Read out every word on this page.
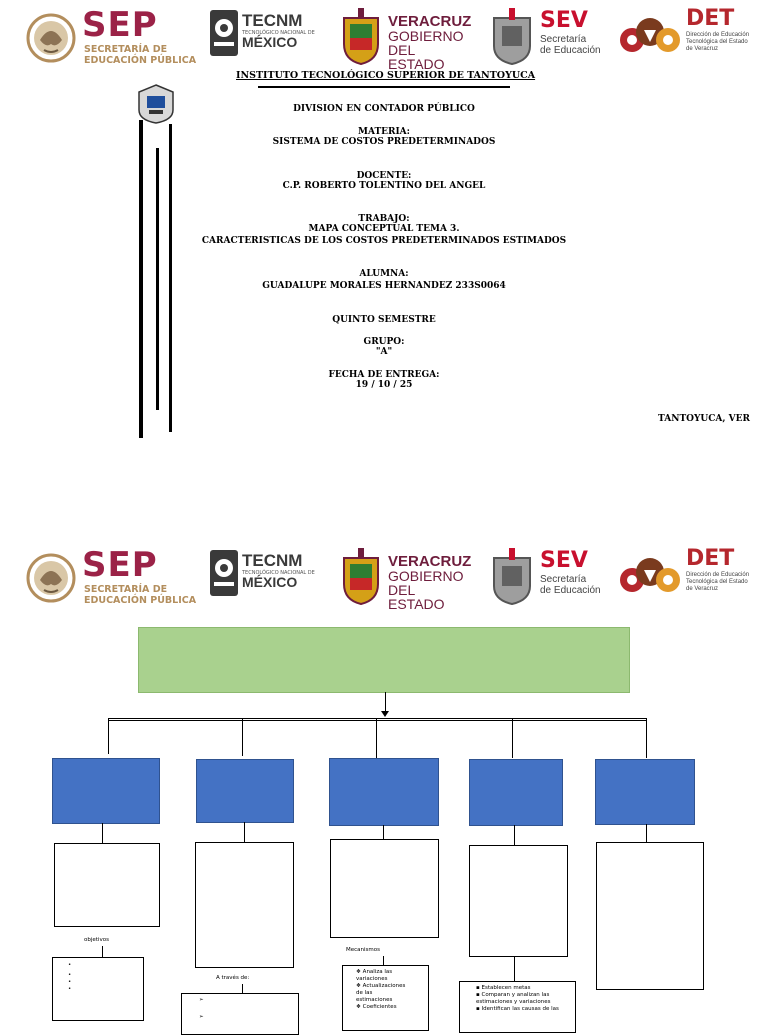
SEP
SECRETARÍA DE
EDUCACIÓN PÚBLICA
TECNM
TECNOLÓGICO NACIONAL DE
MÉXICO
VERACRUZ
GOBIERNO
DEL ESTADO
SEV
Secretaría
de Educación
DET
Dirección de Educación
Tecnológica del Estado
de Veracruz
INSTITUTO TECNOLÓGICO SUPERIOR DE TANTOYUCA
DIVISION EN CONTADOR PÚBLICO
MATERIA:
SISTEMA DE COSTOS PREDETERMINADOS
DOCENTE:
C.P. ROBERTO TOLENTINO DEL ANGEL
TRABAJO:
MAPA CONCEPTUAL TEMA 3.
CARACTERISTICAS DE LOS COSTOS PREDETERMINADOS ESTIMADOS
ALUMNA:
GUADALUPE MORALES HERNANDEZ 233S0064
QUINTO SEMESTRE
GRUPO:
"A"
FECHA DE ENTREGA:
19 / 10 / 25
TANTOYUCA, VER
SEP
SECRETARÍA DE
EDUCACIÓN PÚBLICA
TECNM
TECNOLÓGICO NACIONAL DE
MÉXICO
VERACRUZ
GOBIERNO
DEL ESTADO
SEV
Secretaría
de Educación
DET
Dirección de Educación
Tecnológica del Estado
de Veracruz
objetivos
•
•
•
•
A través de:
➢
➢
Mecanismos
❖ Analiza las
variaciones
❖ Actualizaciones
de las
estimaciones
❖ Coeficientes
▪ Establecen metas
▪ Comparan y analizan las
estimaciones y variaciones
▪ Identifican las causas de las
